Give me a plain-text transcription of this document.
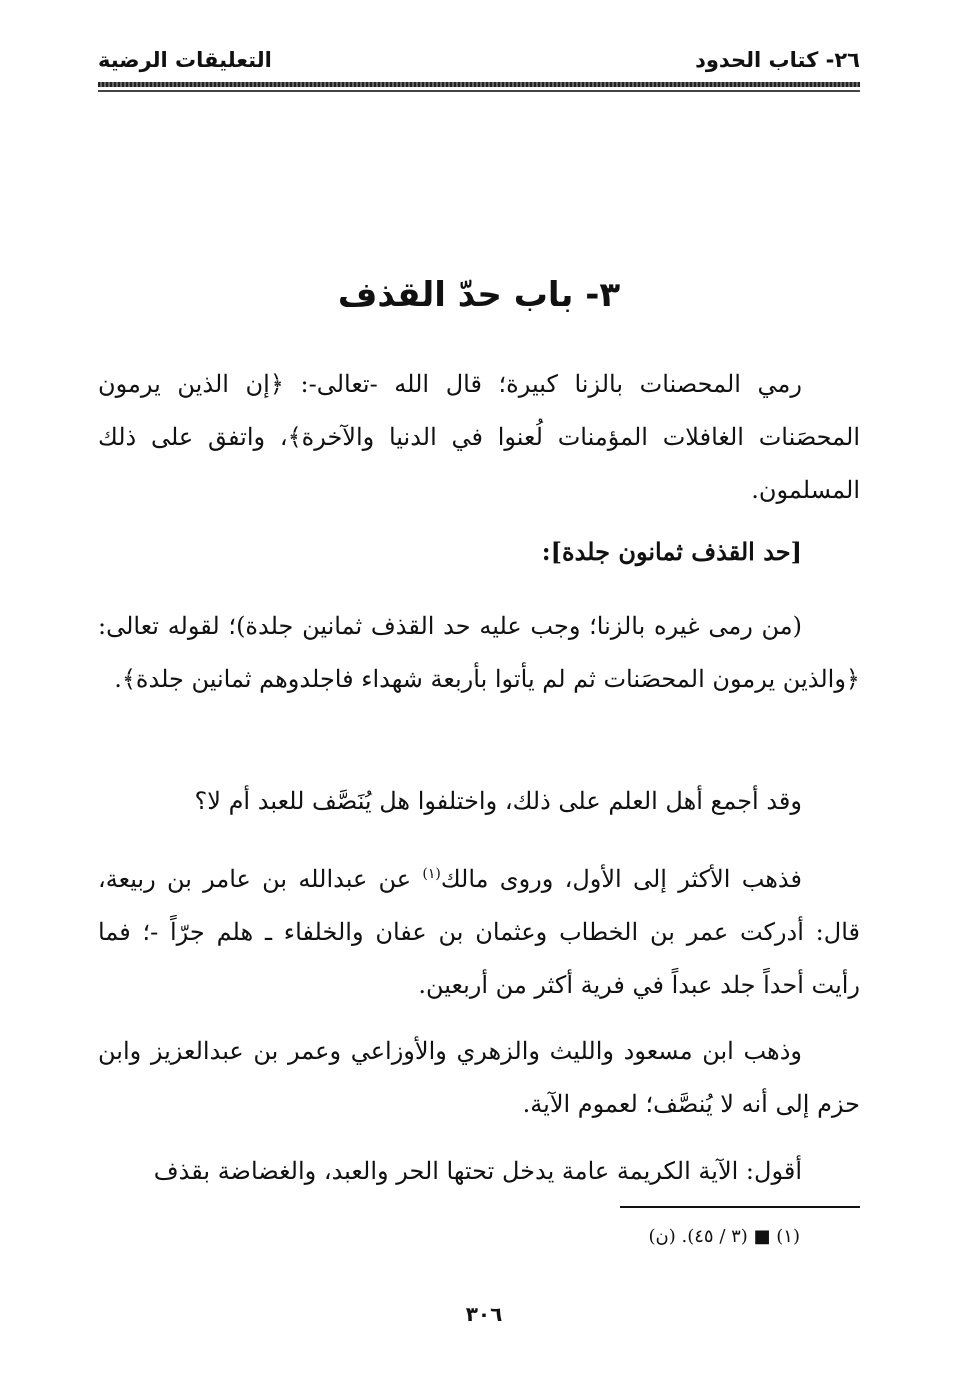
٢٦- كتاب الحدود
التعليقات الرضية
٣- باب حدّ القذف
رمي المحصنات بالزنا كبيرة؛ قال الله -تعالى-: ﴿إن الذين يرمون المحصَنات الغافلات المؤمنات لُعنوا في الدنيا والآخرة﴾، واتفق على ذلك المسلمون.
[حد القذف ثمانون جلدة]:
(من رمى غيره بالزنا؛ وجب عليه حد القذف ثمانين جلدة)؛ لقوله تعالى: ﴿والذين يرمون المحصَنات ثم لم يأتوا بأربعة شهداء فاجلدوهم ثمانين جلدة﴾.
وقد أجمع أهل العلم على ذلك، واختلفوا هل يُنَصَّف للعبد أم لا؟
فذهب الأكثر إلى الأول، وروى مالك$^{(١)}$ عن عبدالله بن عامر بن ربيعة، قال: أدركت عمر بن الخطاب وعثمان بن عفان والخلفاء ـ هلم جرّاً -؛ فما رأيت أحداً جلد عبداً في فرية أكثر من أربعين.
وذهب ابن مسعود والليث والزهري والأوزاعي وعمر بن عبدالعزيز وابن حزم إلى أنه لا يُنصَّف؛ لعموم الآية.
أقول: الآية الكريمة عامة يدخل تحتها الحر والعبد، والغضاضة بقذف
(١) ■ (٣ / ٤٥). (ن)
٣٠٦
